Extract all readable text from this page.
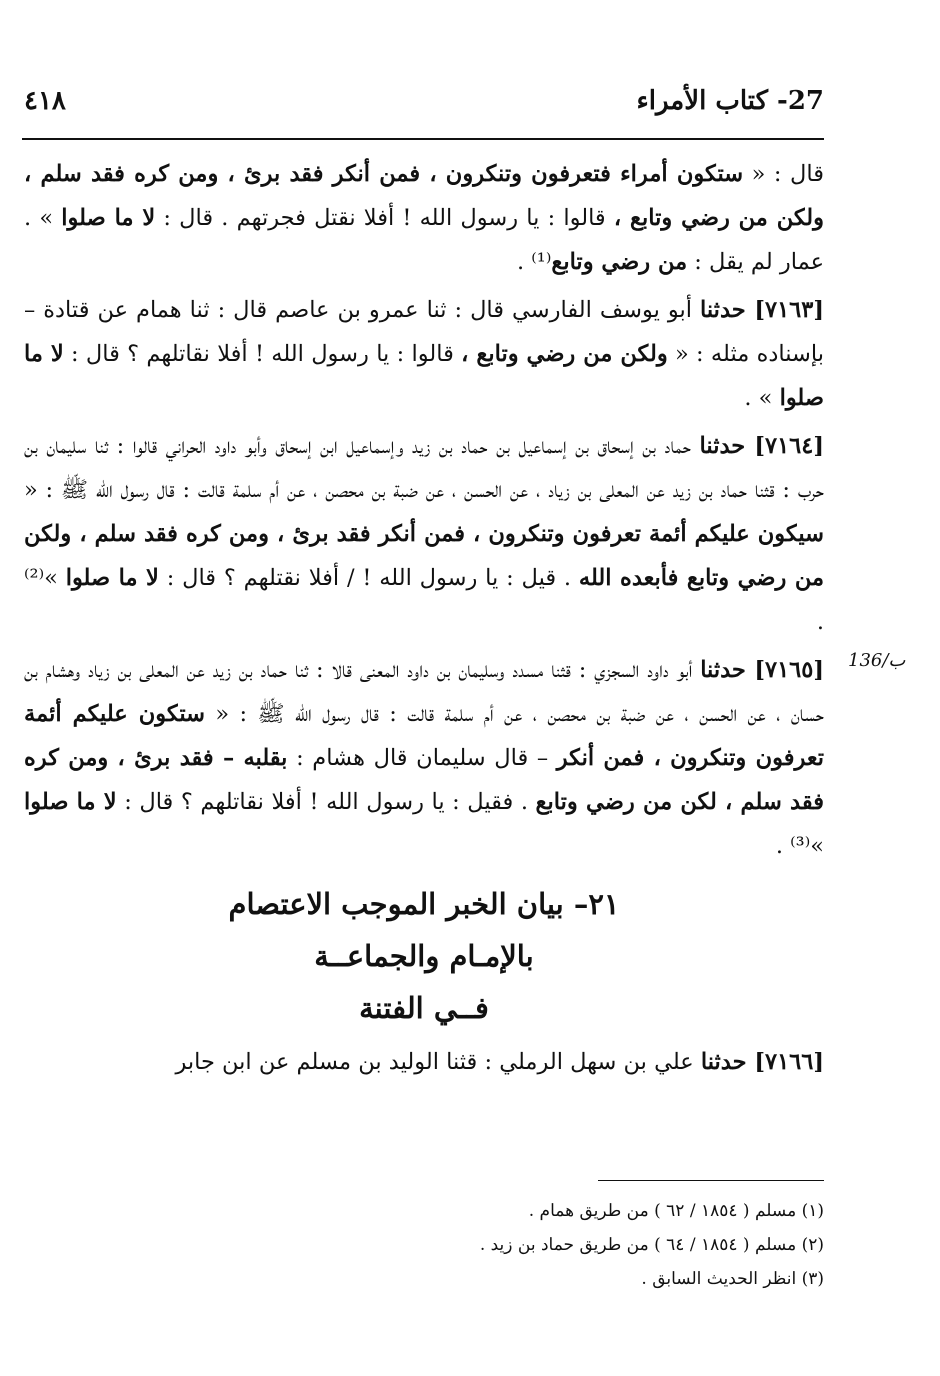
27- كتاب الأمراء
٤١٨

قال : « ستكون أمراء فتعرفون وتنكرون ، فمن أنكر فقد برئ ، ومن كره فقد سلم ، ولكن من رضي وتابع ، قالوا : يا رسول الله ! أفلا نقتل فجرتهم . قال : لا ما صلوا » . عمار لم يقل : من رضي وتابع⁽¹⁾ .

[٧١٦٣] حدثنا أبو يوسف الفارسي قال : ثنا عمرو بن عاصم قال : ثنا همام عن قتادة – بإسناده مثله : « ولكن من رضي وتابع ، قالوا : يا رسول الله ! أفلا نقاتلهم ؟ قال : لا ما صلوا » .

[٧١٦٤] حدثنا حماد بن إسحاق بن إسماعيل بن حماد بن زيد وإسماعيل ابن إسحاق وأبو داود الحراني قالوا : ثنا سليمان بن حرب : قثنا حماد بن زيد عن المعلى بن زياد ، عن الحسن ، عن ضبة بن محصن ، عن أم سلمة قالت : قال رسول الله ﷺ : « سيكون عليكم أئمة تعرفون وتنكرون ، فمن أنكر فقد برئ ، ومن كره فقد سلم ، ولكن من رضي وتابع فأبعده الله . قيل : يا رسول الله ! / أفلا نقتلهم ؟ قال : لا ما صلوا »⁽²⁾ .

[٧١٦٥] حدثنا أبو داود السجزي : قثنا مسدد وسليمان بن داود المعنى قالا : ثنا حماد بن زيد عن المعلى بن زياد وهشام بن حسان ، عن الحسن ، عن ضبة بن محصن ، عن أم سلمة قالت : قال رسول الله ﷺ : « ستكون عليكم أئمة تعرفون وتنكرون ، فمن أنكر – قال سليمان قال هشام : بقلبه – فقد برئ ، ومن كره فقد سلم ، لكن من رضي وتابع . فقيل : يا رسول الله ! أفلا نقاتلهم ؟ قال : لا ما صلوا »⁽³⁾ .

٢١– بيان الخبر الموجب الاعتصام
بالإمـام والجماعــة
فــي الفتنة

[٧١٦٦] حدثنا علي بن سهل الرملي : قثنا الوليد بن مسلم عن ابن جابر

136/ب

(١) مسلم ( ١٨٥٤ / ٦٢ ) من طريق همام .

(٢) مسلم ( ١٨٥٤ / ٦٤ ) من طريق حماد بن زيد .

(٣) انظر الحديث السابق .
